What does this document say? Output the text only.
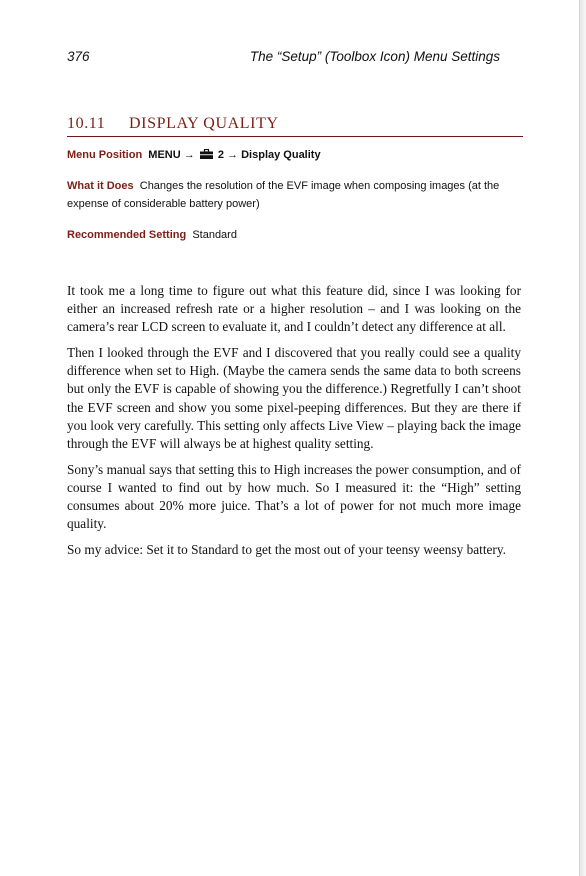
376	The “Setup” (Toolbox Icon) Menu Settings
10.11 DISPLAY QUALITY
Menu Position MENU → 2 → Display Quality
What it Does Changes the resolution of the EVF image when composing images (at the expense of considerable battery power)
Recommended Setting Standard

It took me a long time to figure out what this feature did, since I was looking for either an increased refresh rate or a higher resolution – and I was looking on the camera’s rear LCD screen to evaluate it, and I couldn’t detect any difference at all.

Then I looked through the EVF and I discovered that you really could see a quality difference when set to High. (Maybe the camera sends the same data to both screens but only the EVF is capable of showing you the difference.) Regretfully I can’t shoot the EVF screen and show you some pixel-peeping differences. But they are there if you look very carefully. This setting only affects Live View – playing back the image through the EVF will always be at highest quality setting.

Sony’s manual says that setting this to High increases the power consumption, and of course I wanted to find out by how much. So I measured it: the “High” setting consumes about 20% more juice. That’s a lot of power for not much more image quality.

So my advice: Set it to Standard to get the most out of your teensy weensy battery.
